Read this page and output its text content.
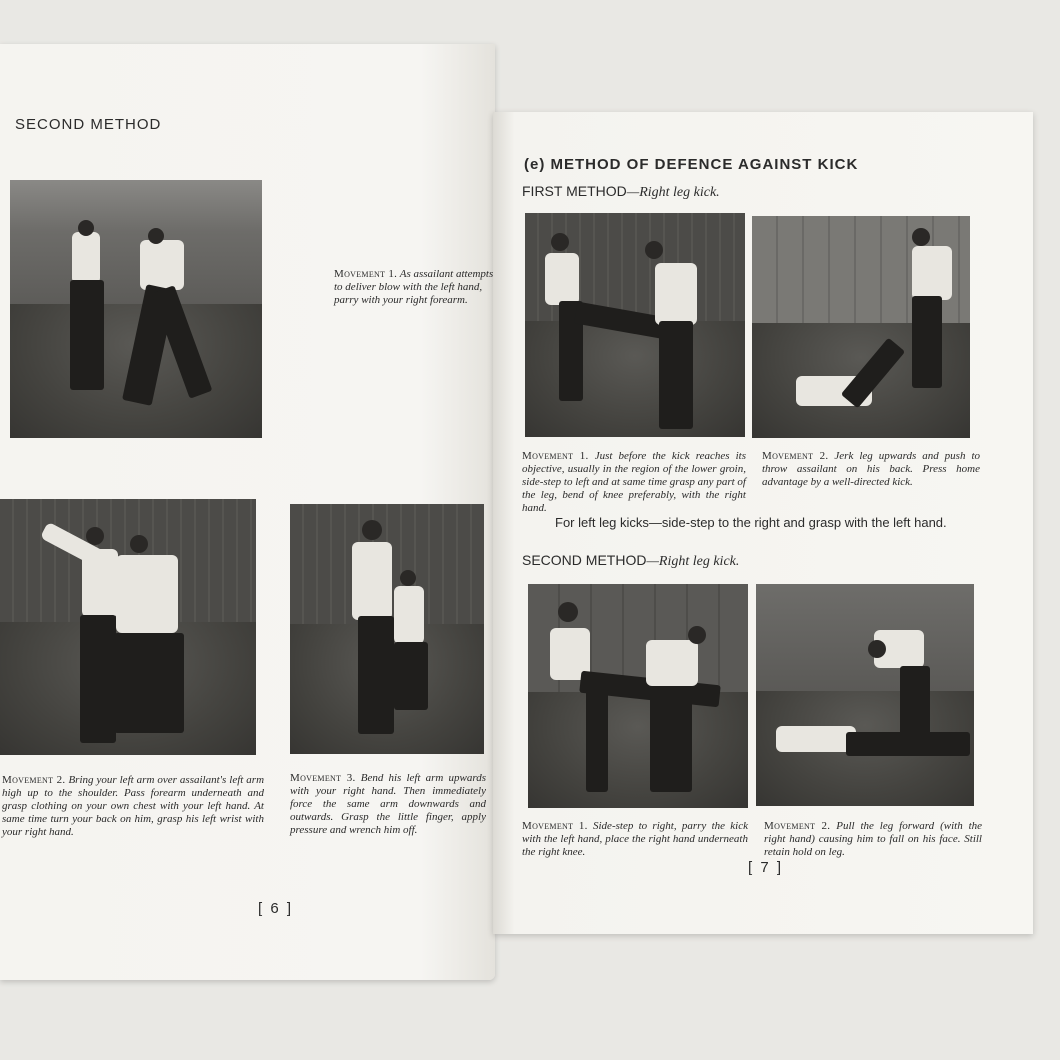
SECOND METHOD
Movement 1. As assailant attempts to deliver blow with the left hand, parry with your right forearm.
Movement 2. Bring your left arm over assailant's left arm high up to the shoulder. Pass forearm underneath and grasp clothing on your own chest with your left hand. At same time turn your back on him, grasp his left wrist with your right hand.
Movement 3. Bend his left arm upwards with your right hand. Then immediately force the same arm downwards and outwards. Grasp the little finger, apply pressure and wrench him off.
[ 6 ]
(e) METHOD OF DEFENCE AGAINST KICK
FIRST METHOD—Right leg kick.
Movement 1. Just before the kick reaches its objective, usually in the region of the lower groin, side-step to left and at same time grasp any part of the leg, bend of knee preferably, with the right hand.
Movement 2. Jerk leg upwards and push to throw assailant on his back. Press home advantage by a well-directed kick.
For left leg kicks—side-step to the right and grasp with the left hand.
SECOND METHOD—Right leg kick.
Movement 1. Side-step to right, parry the kick with the left hand, place the right hand underneath the right knee.
Movement 2. Pull the leg forward (with the right hand) causing him to fall on his face. Still retain hold on leg.
[ 7 ]
